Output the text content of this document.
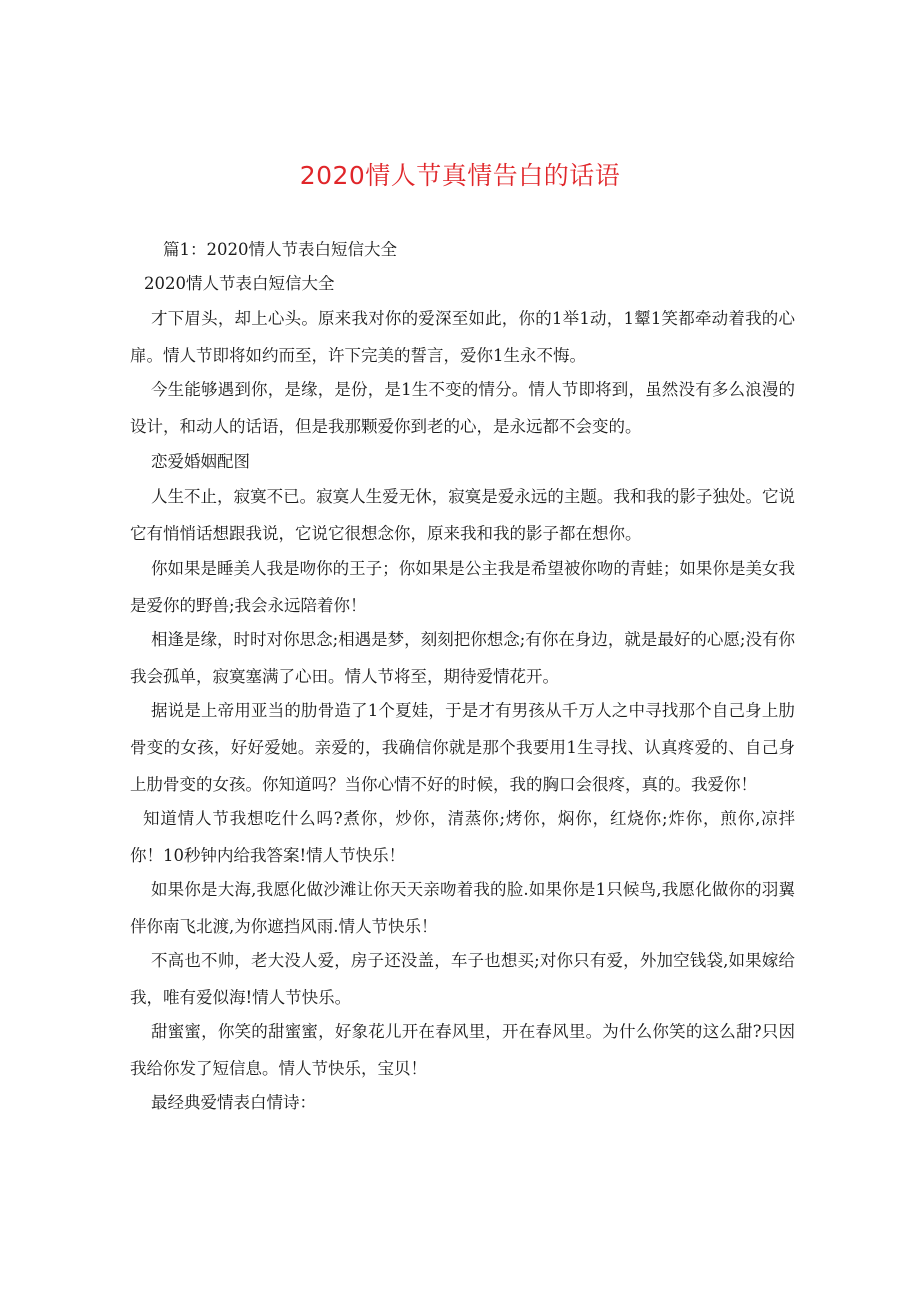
2020情人节真情告白的话语

篇1：2020情人节表白短信大全

2020情人节表白短信大全

才下眉头，却上心头。原来我对你的爱深至如此，你的1举1动，1颦1笑都牵动着我的心扉。情人节即将如约而至，许下完美的誓言，爱你1生永不悔。

今生能够遇到你，是缘，是份，是1生不变的情分。情人节即将到，虽然没有多么浪漫的设计，和动人的话语，但是我那颗爱你到老的心，是永远都不会变的。

恋爱婚姻配图

人生不止，寂寞不已。寂寞人生爱无休，寂寞是爱永远的主题。我和我的影子独处。它说它有悄悄话想跟我说，它说它很想念你，原来我和我的影子都在想你。

你如果是睡美人我是吻你的王子；你如果是公主我是希望被你吻的青蛙；如果你是美女我是爱你的野兽;我会永远陪着你！

相逢是缘，时时对你思念;相遇是梦，刻刻把你想念;有你在身边，就是最好的心愿;没有你我会孤单，寂寞塞满了心田。情人节将至，期待爱情花开。

据说是上帝用亚当的肋骨造了1个夏娃，于是才有男孩从千万人之中寻找那个自己身上肋骨变的女孩，好好爱她。亲爱的，我确信你就是那个我要用1生寻找、认真疼爱的、自己身上肋骨变的女孩。你知道吗？当你心情不好的时候，我的胸口会很疼，真的。我爱你！

知道情人节我想吃什么吗?煮你，炒你，清蒸你;烤你，焖你，红烧你;炸你，煎你,凉拌你！10秒钟内给我答案!情人节快乐！

如果你是大海,我愿化做沙滩让你天天亲吻着我的脸.如果你是1只候鸟,我愿化做你的羽翼伴你南飞北渡,为你遮挡风雨.情人节快乐！

不高也不帅，老大没人爱，房子还没盖，车子也想买;对你只有爱，外加空钱袋,如果嫁给我，唯有爱似海!情人节快乐。

甜蜜蜜，你笑的甜蜜蜜，好象花儿开在春风里，开在春风里。为什么你笑的这么甜?只因我给你发了短信息。情人节快乐，宝贝！

最经典爱情表白情诗：
